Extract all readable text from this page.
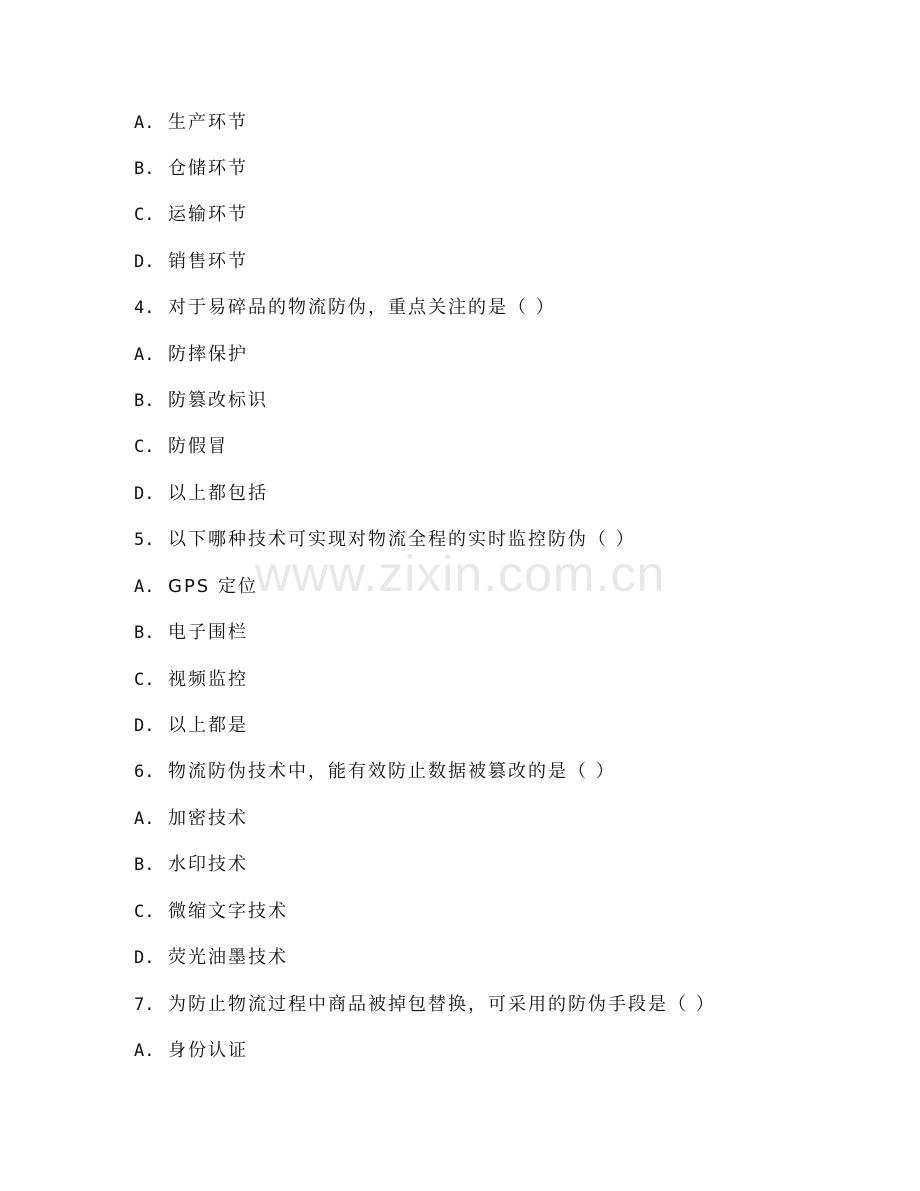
A. 生产环节
B. 仓储环节
C. 运输环节
D. 销售环节
4. 对于易碎品的物流防伪，重点关注的是（ ）
A. 防摔保护
B. 防篡改标识
C. 防假冒
D. 以上都包括
5. 以下哪种技术可实现对物流全程的实时监控防伪（ ）
A. GPS 定位
B. 电子围栏
C. 视频监控
D. 以上都是
6. 物流防伪技术中，能有效防止数据被篡改的是（ ）
A. 加密技术
B. 水印技术
C. 微缩文字技术
D. 荧光油墨技术
7. 为防止物流过程中商品被掉包替换，可采用的防伪手段是（ ）
A. 身份认证
www.zixin.com.cn
